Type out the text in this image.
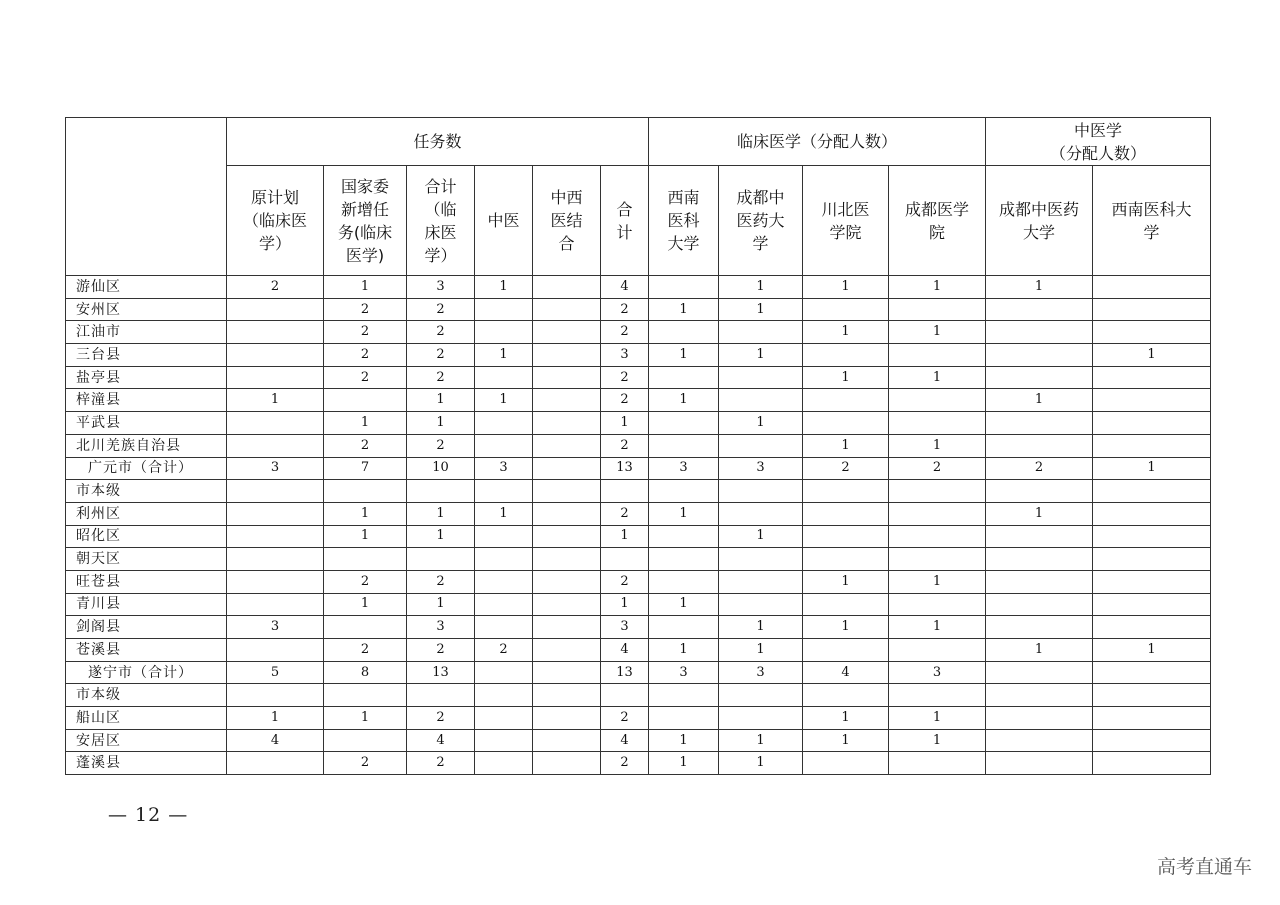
	任务数						临床医学（分配人数）				中医学
（分配人数）	
	原计划
（临床医
学）	国家委
新增任
务(临床
医学)	合计
（临
床医
学）	中医	中西
医结
合	合
计	西南
医科
大学	成都中
医药大
学	川北医
学院	成都医学
院	成都中医药
大学	西南医科大
学
游仙区	2	1	3	1		4		1	1	1	1	
安州区		2	2			2	1	1				
江油市		2	2			2			1	1		
三台县		2	2	1		3	1	1				1
盐亭县		2	2			2			1	1		
梓潼县	1		1	1		2	1				1	
平武县		1	1			1		1				
北川羌族自治县		2	2			2			1	1		
广元市（合计）	3	7	10	3		13	3	3	2	2	2	1
市本级												
利州区		1	1	1		2	1				1	
昭化区		1	1			1		1				
朝天区												
旺苍县		2	2			2			1	1		
青川县		1	1			1	1					
剑阁县	3		3			3		1	1	1		
苍溪县		2	2	2		4	1	1			1	1
遂宁市（合计）	5	8	13			13	3	3	4	3		
市本级												
船山区	1	1	2			2			1	1		
安居区	4		4			4	1	1	1	1		
蓬溪县		2	2			2	1	1				
— 12 —
高考直通车
